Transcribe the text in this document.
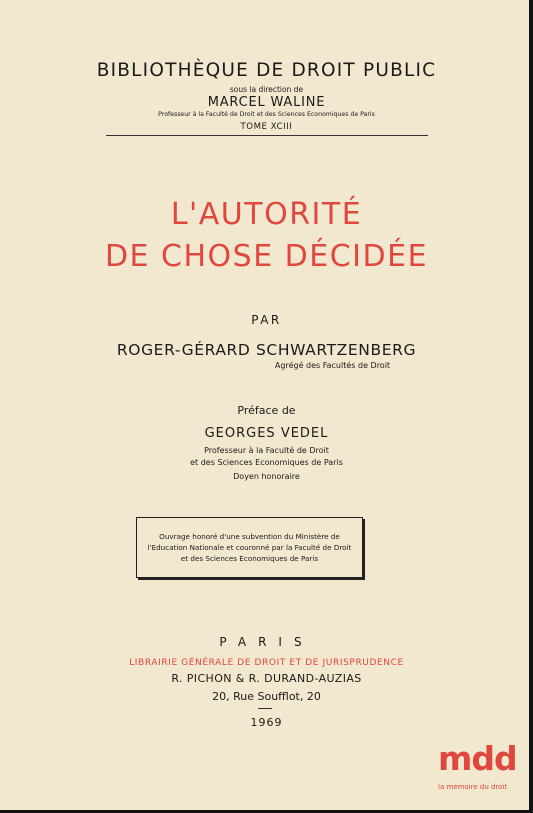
BIBLIOTHÈQUE DE DROIT PUBLIC
sous la direction de
MARCEL WALINE
Professeur à la Faculté de Droit et des Sciences Economiques de Paris
TOME XCIII
L'AUTORITÉ
DE CHOSE DÉCIDÉE
PAR
ROGER-GÉRARD SCHWARTZENBERG
Agrégé des Facultés de Droit
Préface de
GEORGES VEDEL
Professeur à la Faculté de Droit
et des Sciences Economiques de Paris
Doyen honoraire
Ouvrage honoré d'une subvention du Ministère de l'Education Nationale et couronné par la Faculté de Droit et des Sciences Economiques de Paris
PARIS
LIBRAIRIE GÉNÉRALE DE DROIT ET DE JURISPRUDENCE
R. PICHON & R. DURAND-AUZIAS
20, Rue Soufflot, 20
1969
mdd
la mémoire du droit
